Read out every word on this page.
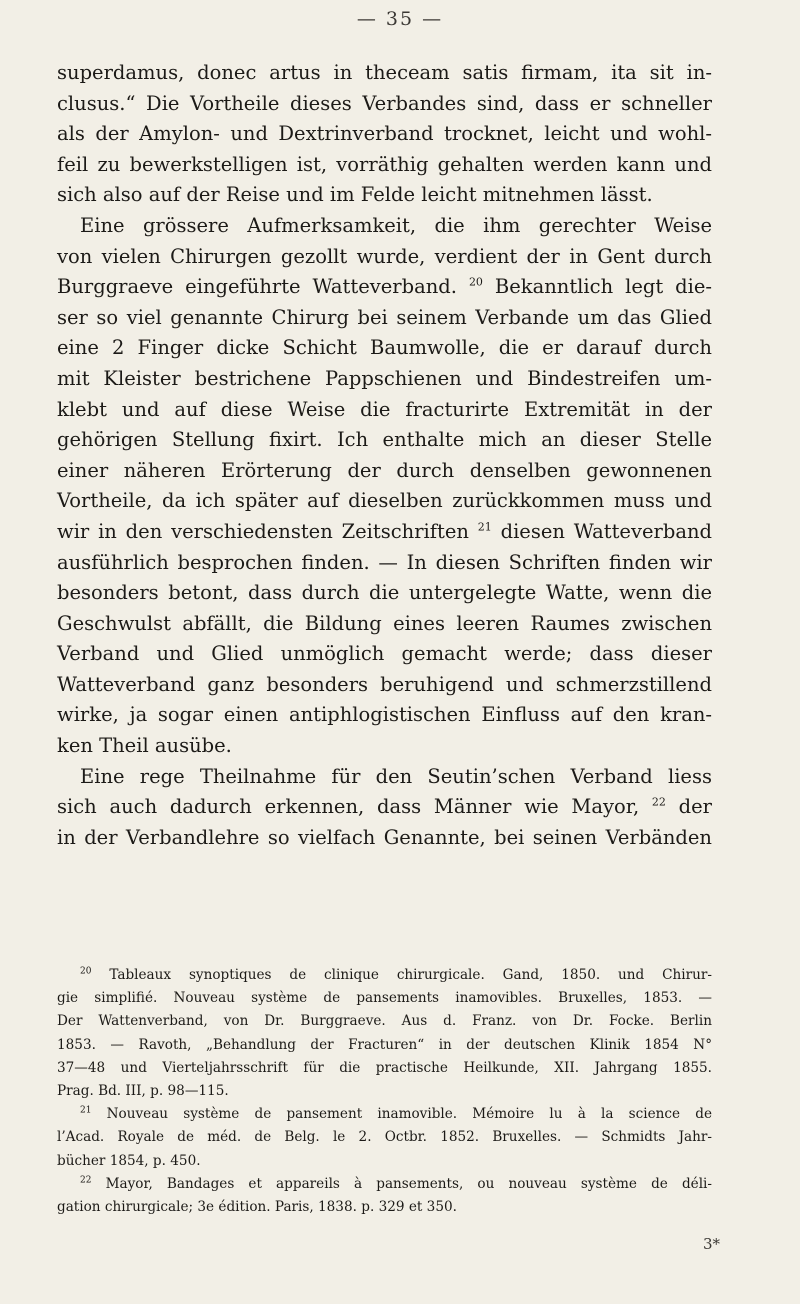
— 35 —
superdamus, donec artus in theceam satis firmam, ita sit in-
clusus.“ Die Vortheile dieses Verbandes sind, dass er schneller
als der Amylon- und Dextrinverband trocknet, leicht und wohl-
feil zu bewerkstelligen ist, vorräthig gehalten werden kann und
sich also auf der Reise und im Felde leicht mitnehmen lässt.
Eine grössere Aufmerksamkeit, die ihm gerechter Weise
von vielen Chirurgen gezollt wurde, verdient der in Gent durch
Burggraeve eingeführte Watteverband. $^{20}$ Bekanntlich legt die-
ser so viel genannte Chirurg bei seinem Verbande um das Glied
eine 2 Finger dicke Schicht Baumwolle, die er darauf durch
mit Kleister bestrichene Pappschienen und Bindestreifen um-
klebt und auf diese Weise die fracturirte Extremität in der
gehörigen Stellung fixirt. Ich enthalte mich an dieser Stelle
einer näheren Erörterung der durch denselben gewonnenen
Vortheile, da ich später auf dieselben zurückkommen muss und
wir in den verschiedensten Zeitschriften $^{21}$ diesen Watteverband
ausführlich besprochen finden. — In diesen Schriften finden wir
besonders betont, dass durch die untergelegte Watte, wenn die
Geschwulst abfällt, die Bildung eines leeren Raumes zwischen
Verband und Glied unmöglich gemacht werde; dass dieser
Watteverband ganz besonders beruhigend und schmerzstillend
wirke, ja sogar einen antiphlogistischen Einfluss auf den kran-
ken Theil ausübe.
Eine rege Theilnahme für den Seutin’schen Verband liess
sich auch dadurch erkennen, dass Männer wie Mayor, $^{22}$ der
in der Verbandlehre so vielfach Genannte, bei seinen Verbänden
$^{20}$ Tableaux synoptiques de clinique chirurgicale. Gand, 1850. und Chirur-
gie simplifié. Nouveau système de pansements inamovibles. Bruxelles, 1853. —
Der Wattenverband, von Dr. Burggraeve. Aus d. Franz. von Dr. Focke. Berlin
1853. — Ravoth, „Behandlung der Fracturen“ in der deutschen Klinik 1854 N°
37—48 und Vierteljahrsschrift für die practische Heilkunde, XII. Jahrgang 1855.
Prag. Bd. III, p. 98—115.
$^{21}$ Nouveau système de pansement inamovible. Mémoire lu à la science de
l’Acad. Royale de méd. de Belg. le 2. Octbr. 1852. Bruxelles. — Schmidts Jahr-
bücher 1854, p. 450.
$^{22}$ Mayor, Bandages et appareils à pansements, ou nouveau système de déli-
gation chirurgicale; 3e édition. Paris, 1838. p. 329 et 350.
3*
